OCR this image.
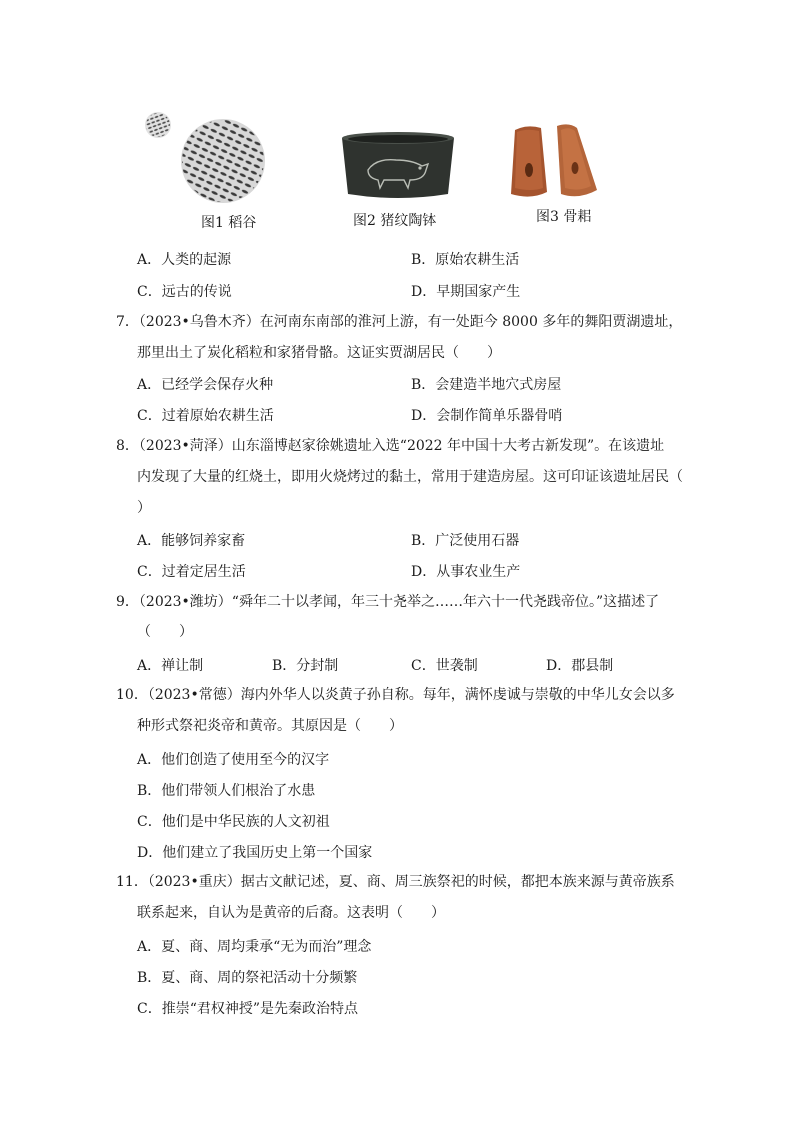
图1 稻谷	图2 猪纹陶钵	图3 骨耜
A．人类的起源	B．原始农耕生活
C．远古的传说	D．早期国家产生
7．（2023•乌鲁木齐）在河南东南部的淮河上游，有一处距今 8000 多年的舞阳贾湖遗址，
那里出土了炭化稻粒和家猪骨骼。这证实贾湖居民（　　）
A．已经学会保存火种	B．会建造半地穴式房屋
C．过着原始农耕生活	D．会制作简单乐器骨哨
8．（2023•菏泽）山东淄博赵家徐姚遗址入选“2022 年中国十大考古新发现”。在该遗址
内发现了大量的红烧土，即用火烧烤过的黏土，常用于建造房屋。这可印证该遗址居民（
）
A．能够饲养家畜	B．广泛使用石器
C．过着定居生活	D．从事农业生产
9．（2023•潍坊）“舜年二十以孝闻，年三十尧举之……年六十一代尧践帝位。”这描述了
（　　）
A．禅让制	B．分封制	C．世袭制	D．郡县制
10．（2023•常德）海内外华人以炎黄子孙自称。每年，满怀虔诚与崇敬的中华儿女会以多
种形式祭祀炎帝和黄帝。其原因是（　　）
A．他们创造了使用至今的汉字
B．他们带领人们根治了水患
C．他们是中华民族的人文初祖
D．他们建立了我国历史上第一个国家
11．（2023•重庆）据古文献记述，夏、商、周三族祭祀的时候，都把本族来源与黄帝族系
联系起来，自认为是黄帝的后裔。这表明（　　）
A．夏、商、周均秉承“无为而治”理念
B．夏、商、周的祭祀活动十分频繁
C．推崇“君权神授”是先秦政治特点
